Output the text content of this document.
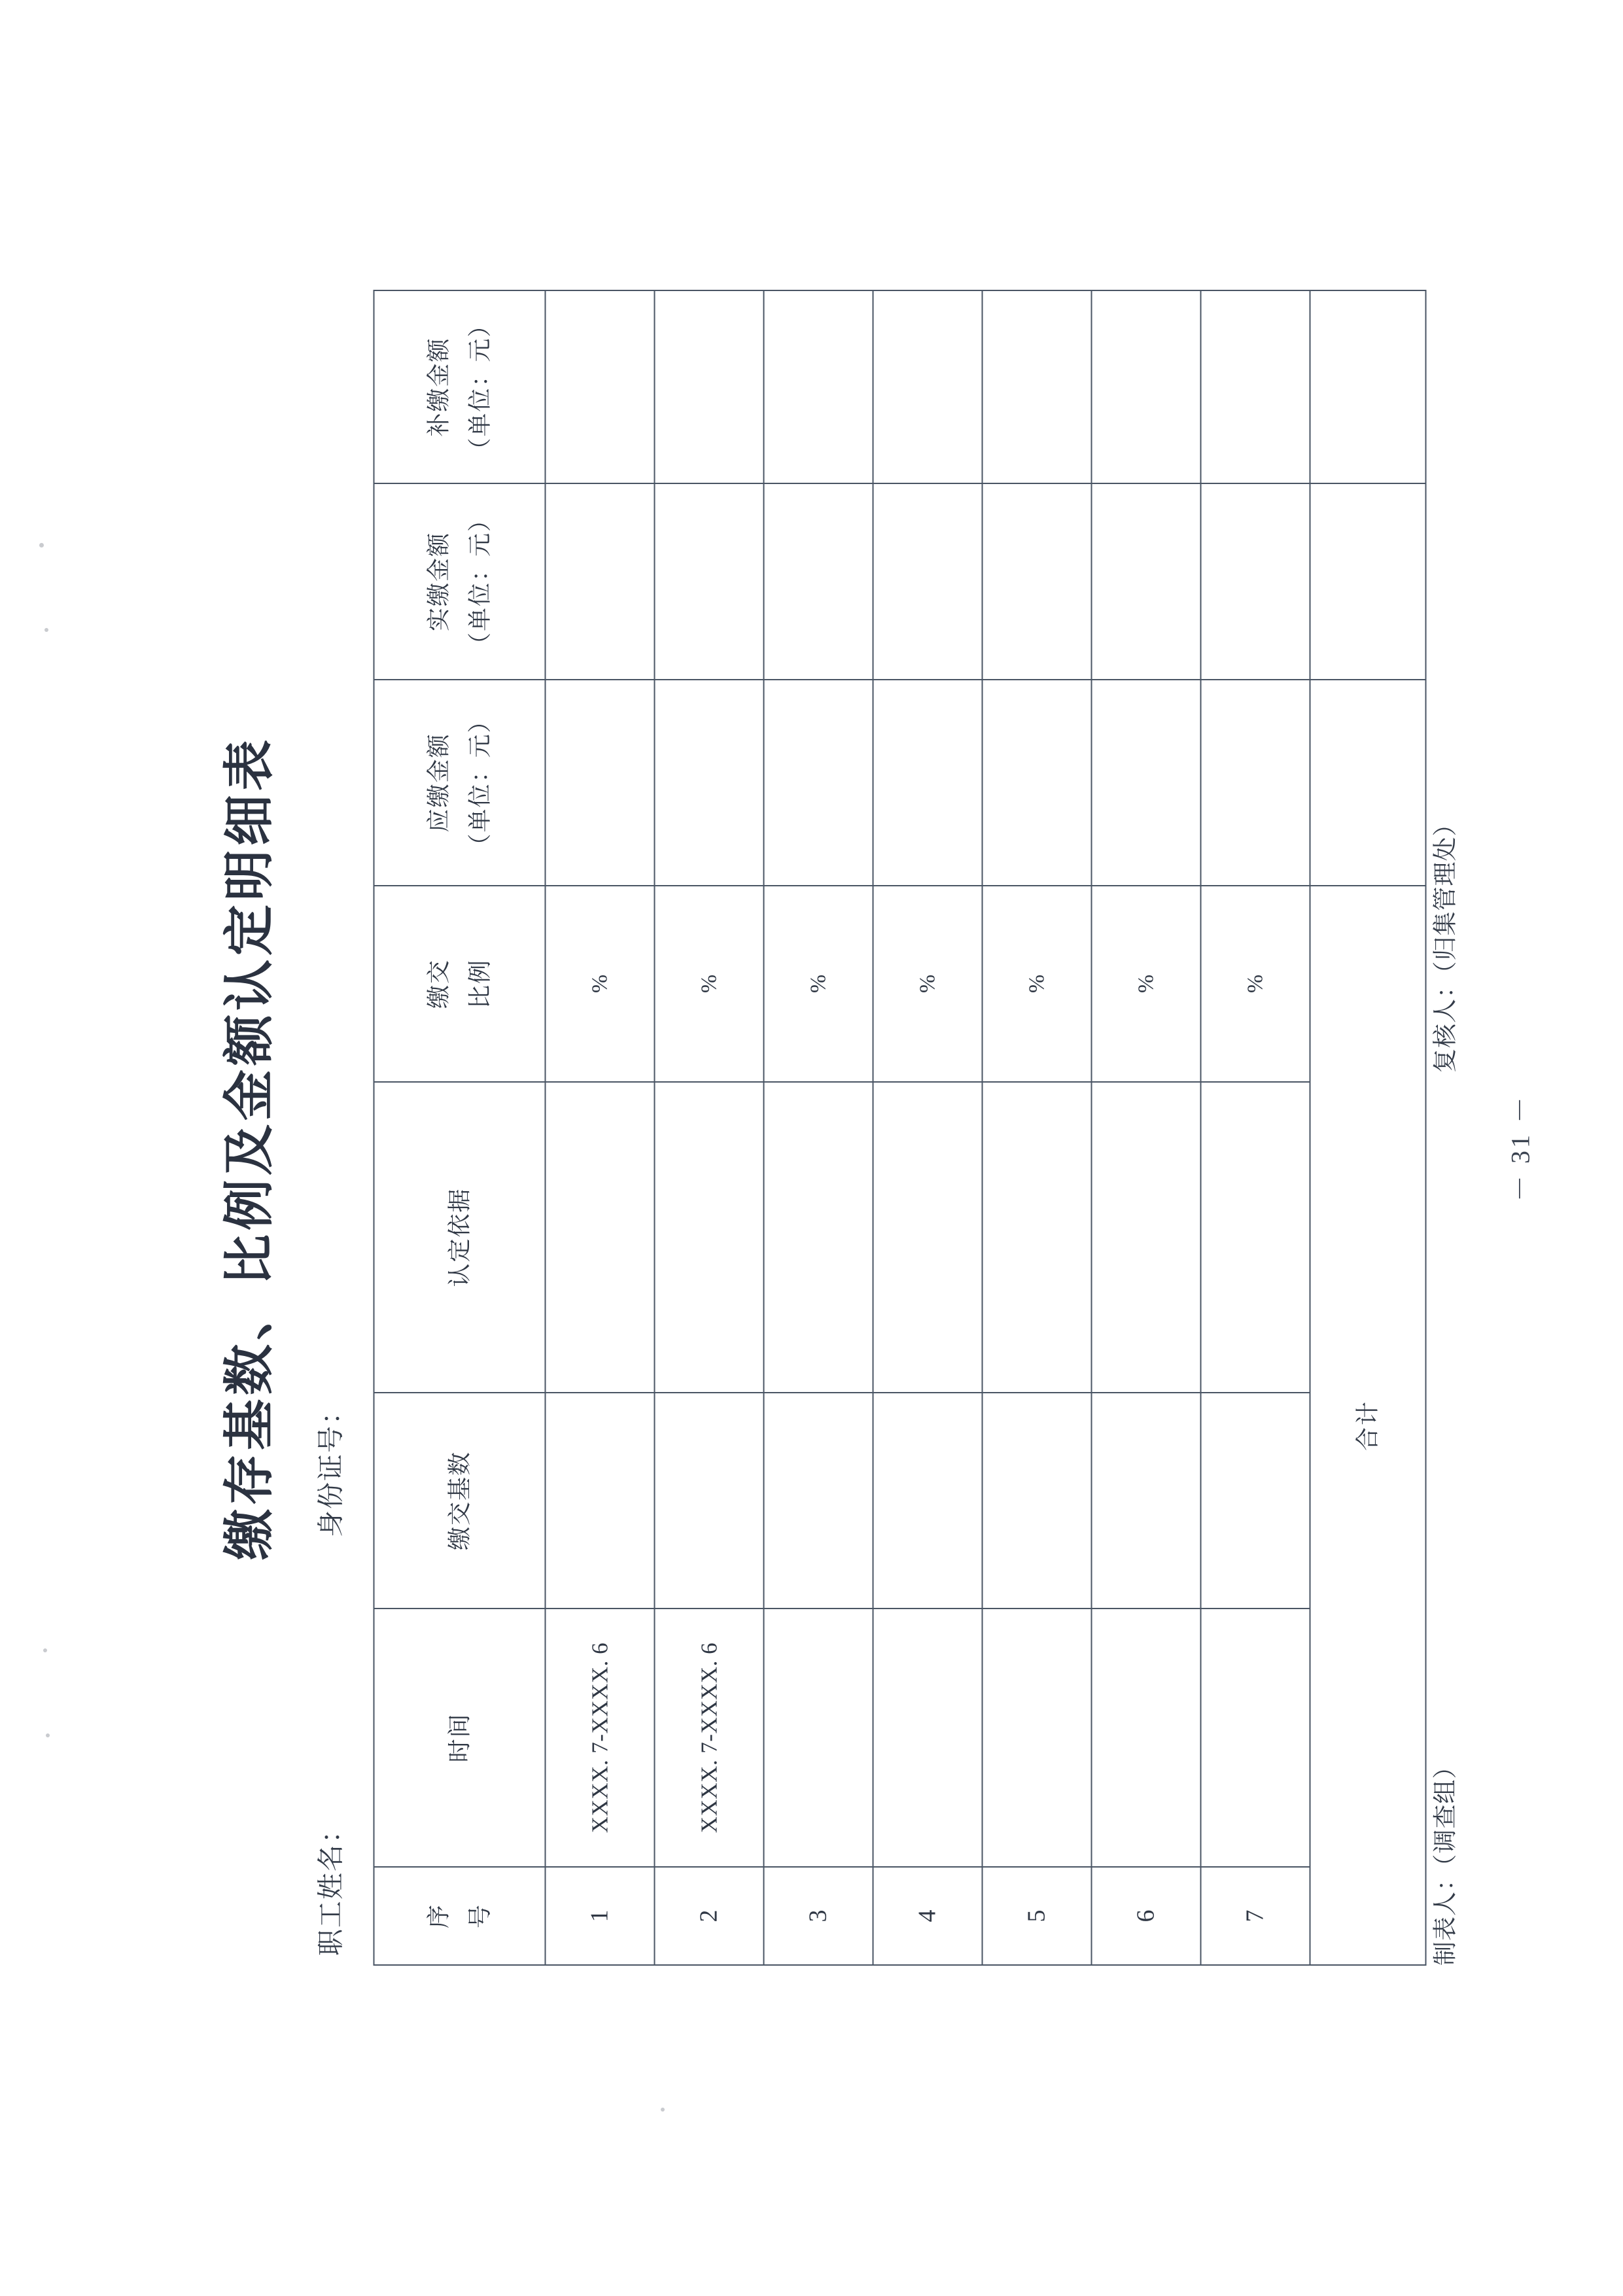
缴存基数、比例及金额认定明细表
职工姓名：
身份证号：
序 号	时间	缴交基数	认定依据	缴交 比例	应缴金额 （单位：元）	实缴金额 （单位：元）	补缴金额 （单位：元）

1	XXXX. 7-XXXX. 6			%			
2	XXXX. 7-XXXX. 6			%			
3				%			
4				%			
5				%			
6				%			
7				%			
合计							
制表人：（调查组）
复核人：（归集管理处）
－ 31 －
